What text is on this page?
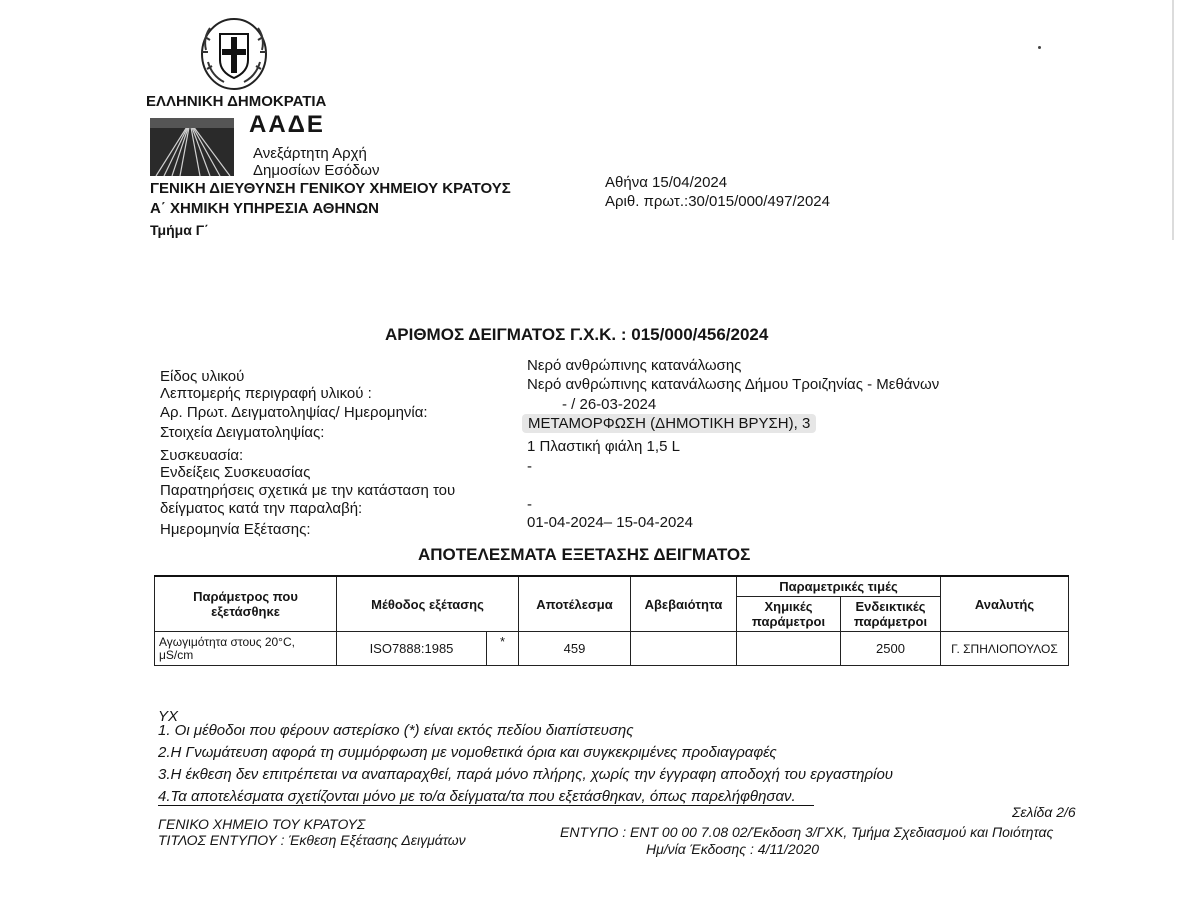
ΕΛΛΗΝΙΚΗ ΔΗΜΟΚΡΑΤΙΑ
ΑΑΔΕ
Ανεξάρτητη Αρχή
Δημοσίων Εσόδων
ΓΕΝΙΚΗ ΔΙΕΥΘΥΝΣΗ ΓΕΝΙΚΟΥ ΧΗΜΕΙΟΥ ΚΡΑΤΟΥΣ
Α΄ ΧΗΜΙΚΗ ΥΠΗΡΕΣΙΑ ΑΘΗΝΩΝ
Τμήμα Γ΄
Αθήνα 15/04/2024
Αριθ. πρωτ.:30/015/000/497/2024
ΑΡΙΘΜΟΣ ΔΕΙΓΜΑΤΟΣ Γ.Χ.Κ. : 015/000/456/2024
Είδος υλικού
Νερό ανθρώπινης κατανάλωσης
Λεπτομερής περιγραφή υλικού :
Νερό ανθρώπινης κατανάλωσης Δήμου Τροιζηνίας - Μεθάνων
Αρ. Πρωτ. Δειγματοληψίας/ Ημερομηνία:	- / 26-03-2024
Στοιχεία Δειγματοληψίας:
ΜΕΤΑΜΟΡΦΩΣΗ (ΔΗΜΟΤΙΚΗ ΒΡΥΣΗ), 3
Συσκευασία:
1 Πλαστική φιάλη 1,5 L
Ενδείξεις Συσκευασίας	-
Παρατηρήσεις σχετικά με την κατάσταση του
δείγματος κατά την παραλαβή:	-
Ημερομηνία Εξέτασης:	01-04-2024– 15-04-2024
ΑΠΟΤΕΛΕΣΜΑΤΑ ΕΞΕΤΑΣΗΣ ΔΕΙΓΜΑΤΟΣ
Παράμετρος που εξετάσθηκε	Μέθοδος εξέτασης		Αποτέλεσμα	Αβεβαιότητα	Παραμετρικές τιμές		Αναλυτής
					Χημικές παράμετροι	Ενδεικτικές παράμετροι	
Αγωγιμότητα στους 20°C, μS/cm	ISO7888:1985	*	459			2500	Γ. ΣΠΗΛΙΟΠΟΥΛΟΣ
ΥΧ
1. Οι μέθοδοι που φέρουν αστερίσκο (*) είναι εκτός πεδίου διαπίστευσης
2.Η Γνωμάτευση αφορά τη συμμόρφωση με νομοθετικά όρια και συγκεκριμένες προδιαγραφές
3.Η έκθεση δεν επιτρέπεται να αναπαραχθεί, παρά μόνο πλήρης, χωρίς την έγγραφη αποδοχή του εργαστηρίου
4.Τα αποτελέσματα σχετίζονται μόνο με το/α δείγματα/τα που εξετάσθηκαν, όπως παρελήφθησαν.
Σελίδα 2/6
ΓΕΝΙΚΟ ΧΗΜΕΙΟ ΤΟΥ ΚΡΑΤΟΥΣ
ΤΙΤΛΟΣ ΕΝΤΥΠΟΥ : Έκθεση Εξέτασης Δειγμάτων	ΕΝΤΥΠΟ : ΕΝΤ 00 00 7.08 02/Έκδοση 3/ΓΧΚ, Τμήμα Σχεδιασμού και Ποιότητας
Ημ/νία Έκδοσης : 4/11/2020
